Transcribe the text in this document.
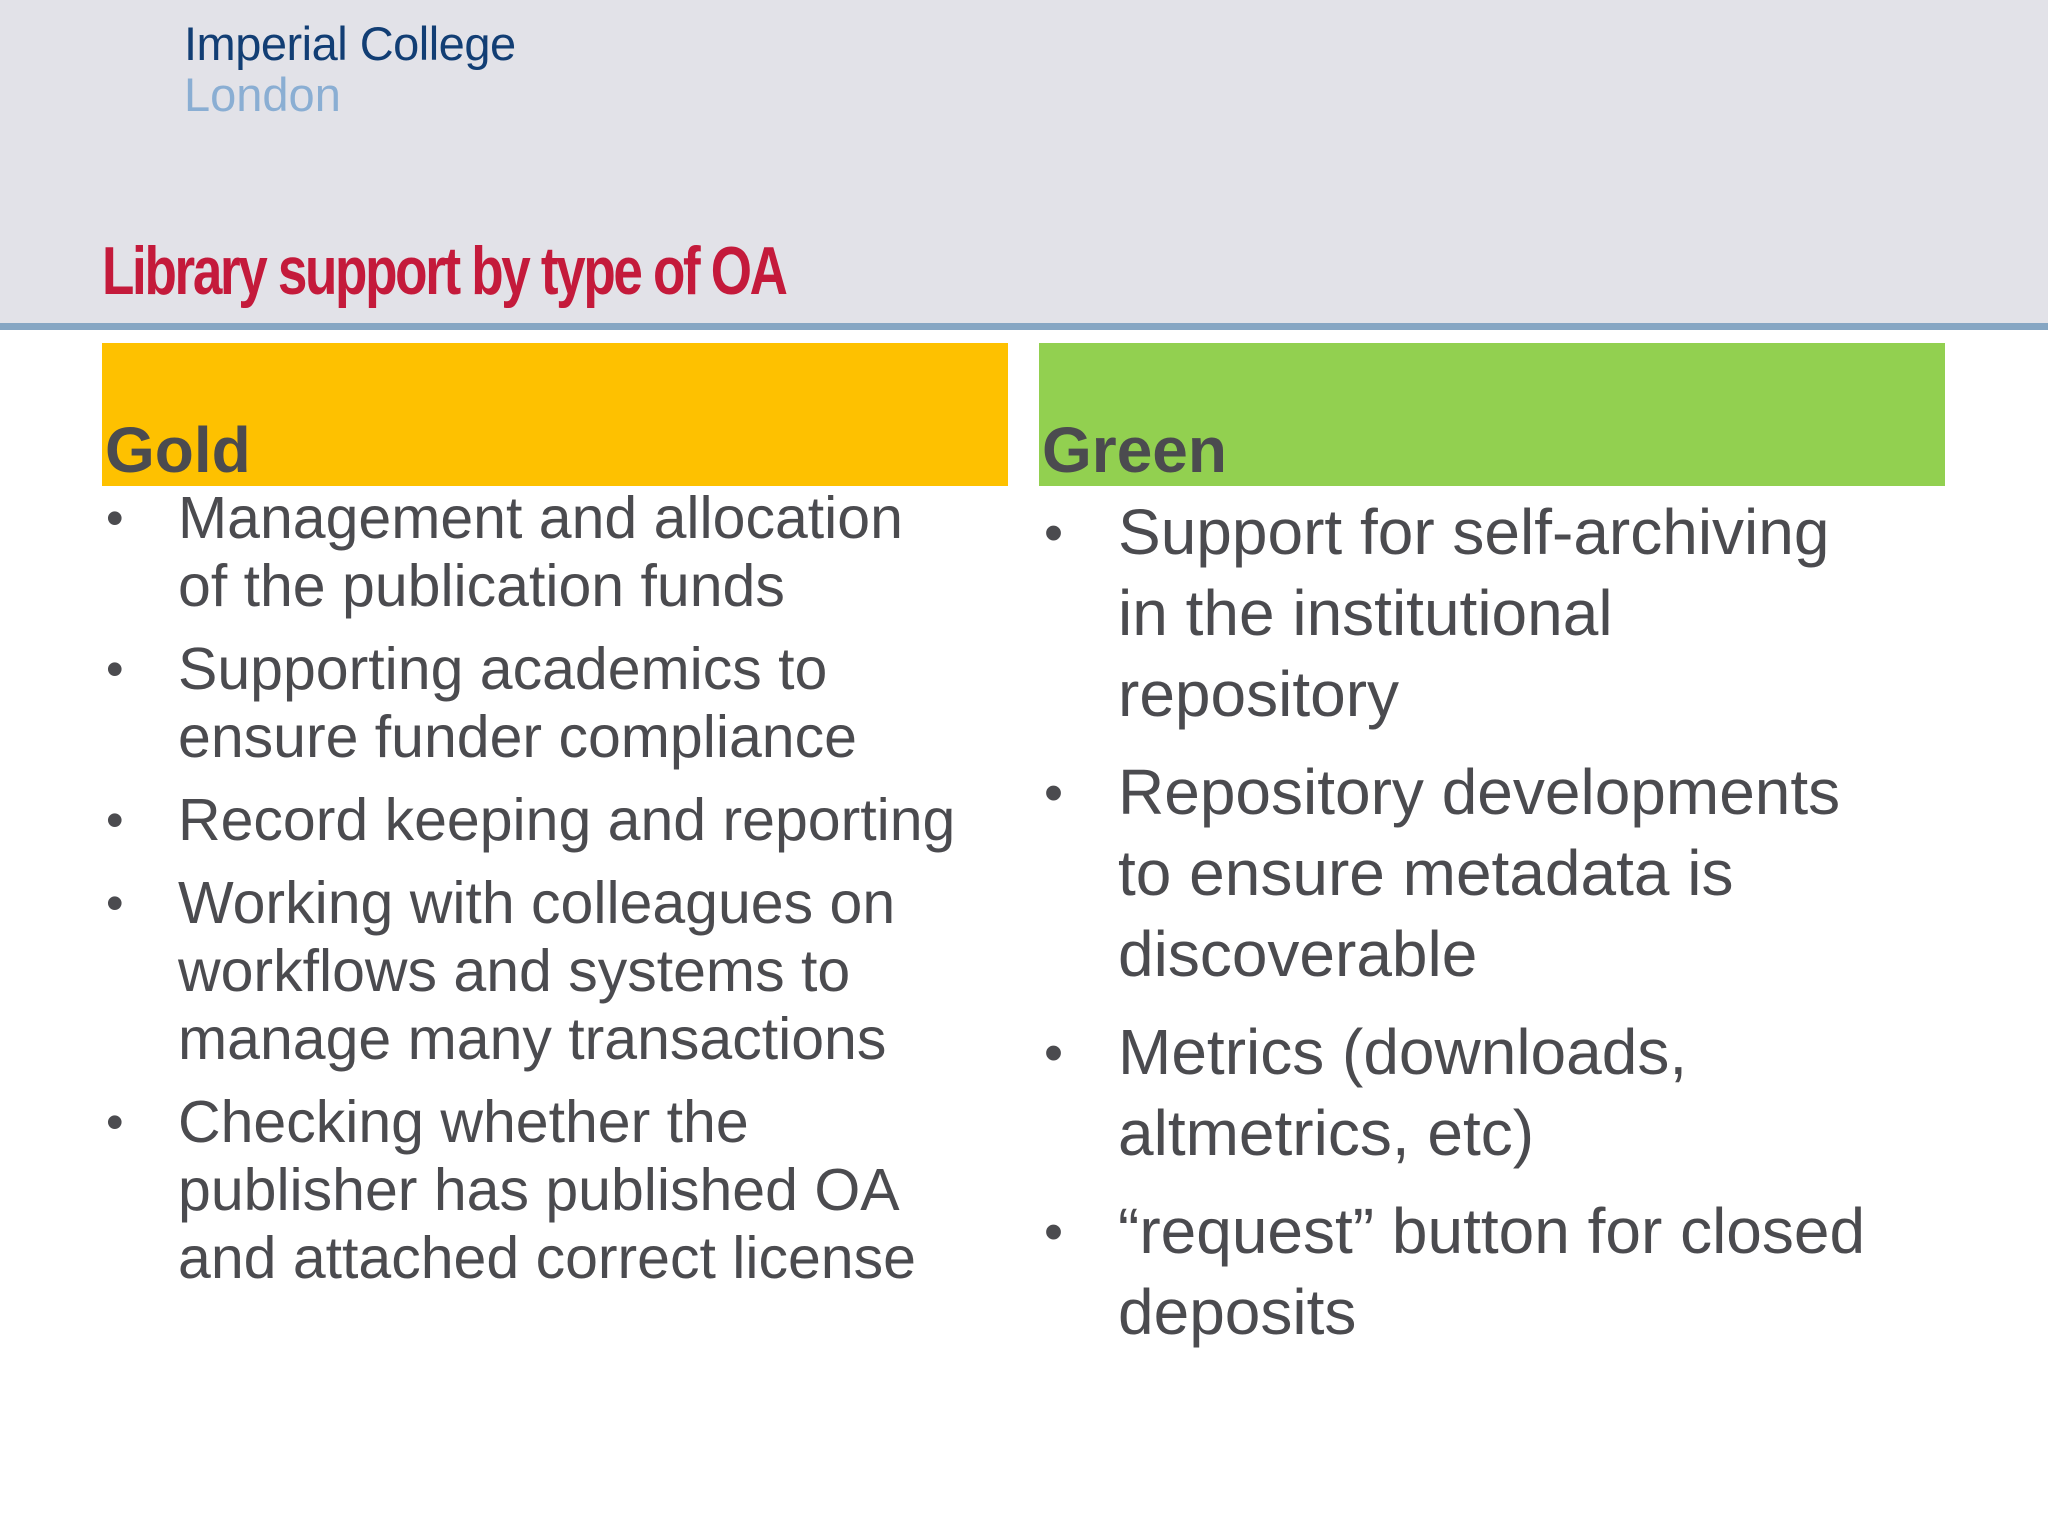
Imperial College
London
Library support by type of OA
Gold	Green
• Management and allocation
of the publication funds
• Supporting academics to
ensure funder compliance
• Record keeping and reporting
• Working with colleagues on
workflows and systems to
manage many transactions
• Checking whether the
publisher has published OA
and attached correct license
• Support for self-archiving
in the institutional
repository
• Repository developments
to ensure metadata is
discoverable
• Metrics (downloads,
altmetrics, etc)
• “request” button for closed
deposits
